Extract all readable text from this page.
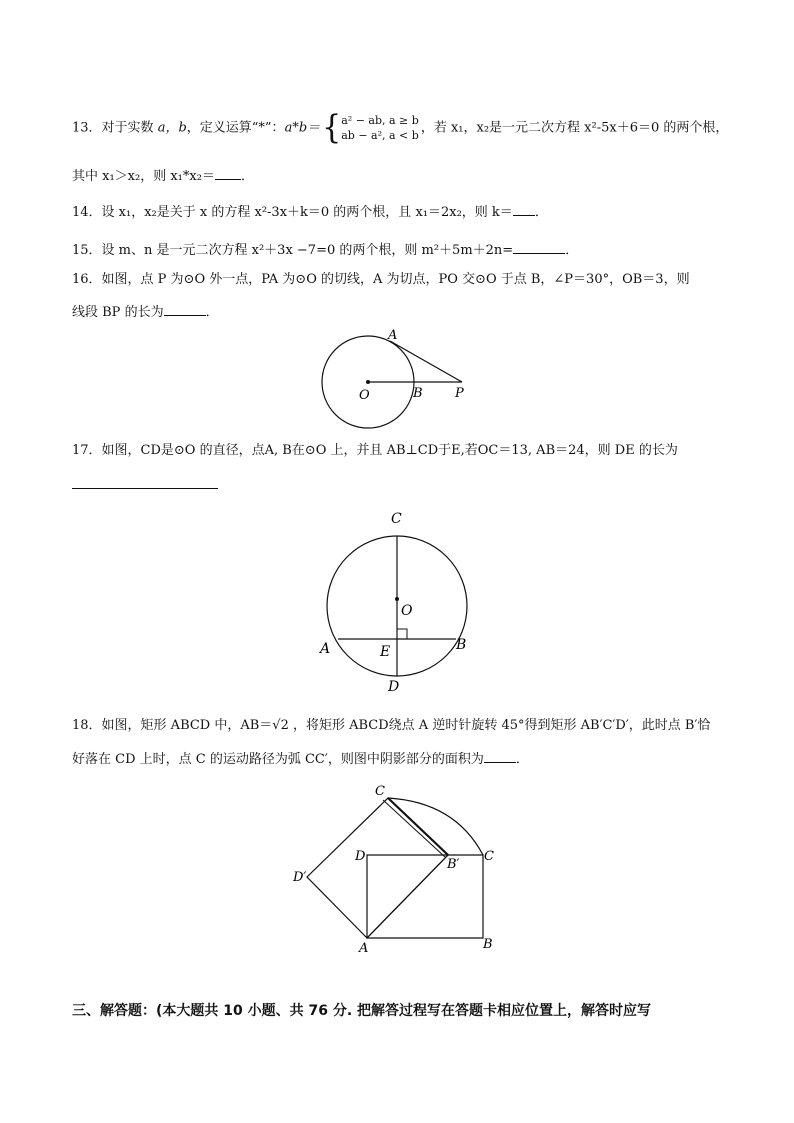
13．对于实数 a，b，定义运算“*”：a*b＝{a² − ab, a ≥ b
ab − a², a < b ，若 x₁，x₂是一元二次方程 x²-5x＋6＝0 的两个根，
其中 x₁＞x₂，则 x₁*x₂＝ ．
14．设 x₁，x₂是关于 x 的方程 x²-3x＋k＝0 的两个根，且 x₁＝2x₂，则 k＝ ．
15．设 m、n 是一元二次方程 x²＋3x −7=0 的两个根，则 m²＋5m＋2n=	．
16．如图，点 P 为⊙O 外一点，PA 为⊙O 的切线，A 为切点，PO 交⊙O 于点 B，∠P＝30°，OB＝3，则
线段 BP 的长为	．
A
O	B P
17．如图，CD是⊙O 的直径，点A, B在⊙O 上，并且 AB⊥CD于E,若OC＝13, AB＝24，则 DE 的长为
C
O
A	E	B
D
18．如图，矩形 ABCD 中，AB＝√2 ，将矩形 ABCD绕点 A 逆时针旋转 45°得到矩形 AB′C′D′，此时点 B′恰
好落在 CD 上时，点 C 的运动路径为弧 CC′，则图中阴影部分的面积为 ．
C
D
B′
C
D′
A	B
三、解答题：(本大题共 10 小题、共 76 分. 把解答过程写在答题卡相应位置上，解答时应写
